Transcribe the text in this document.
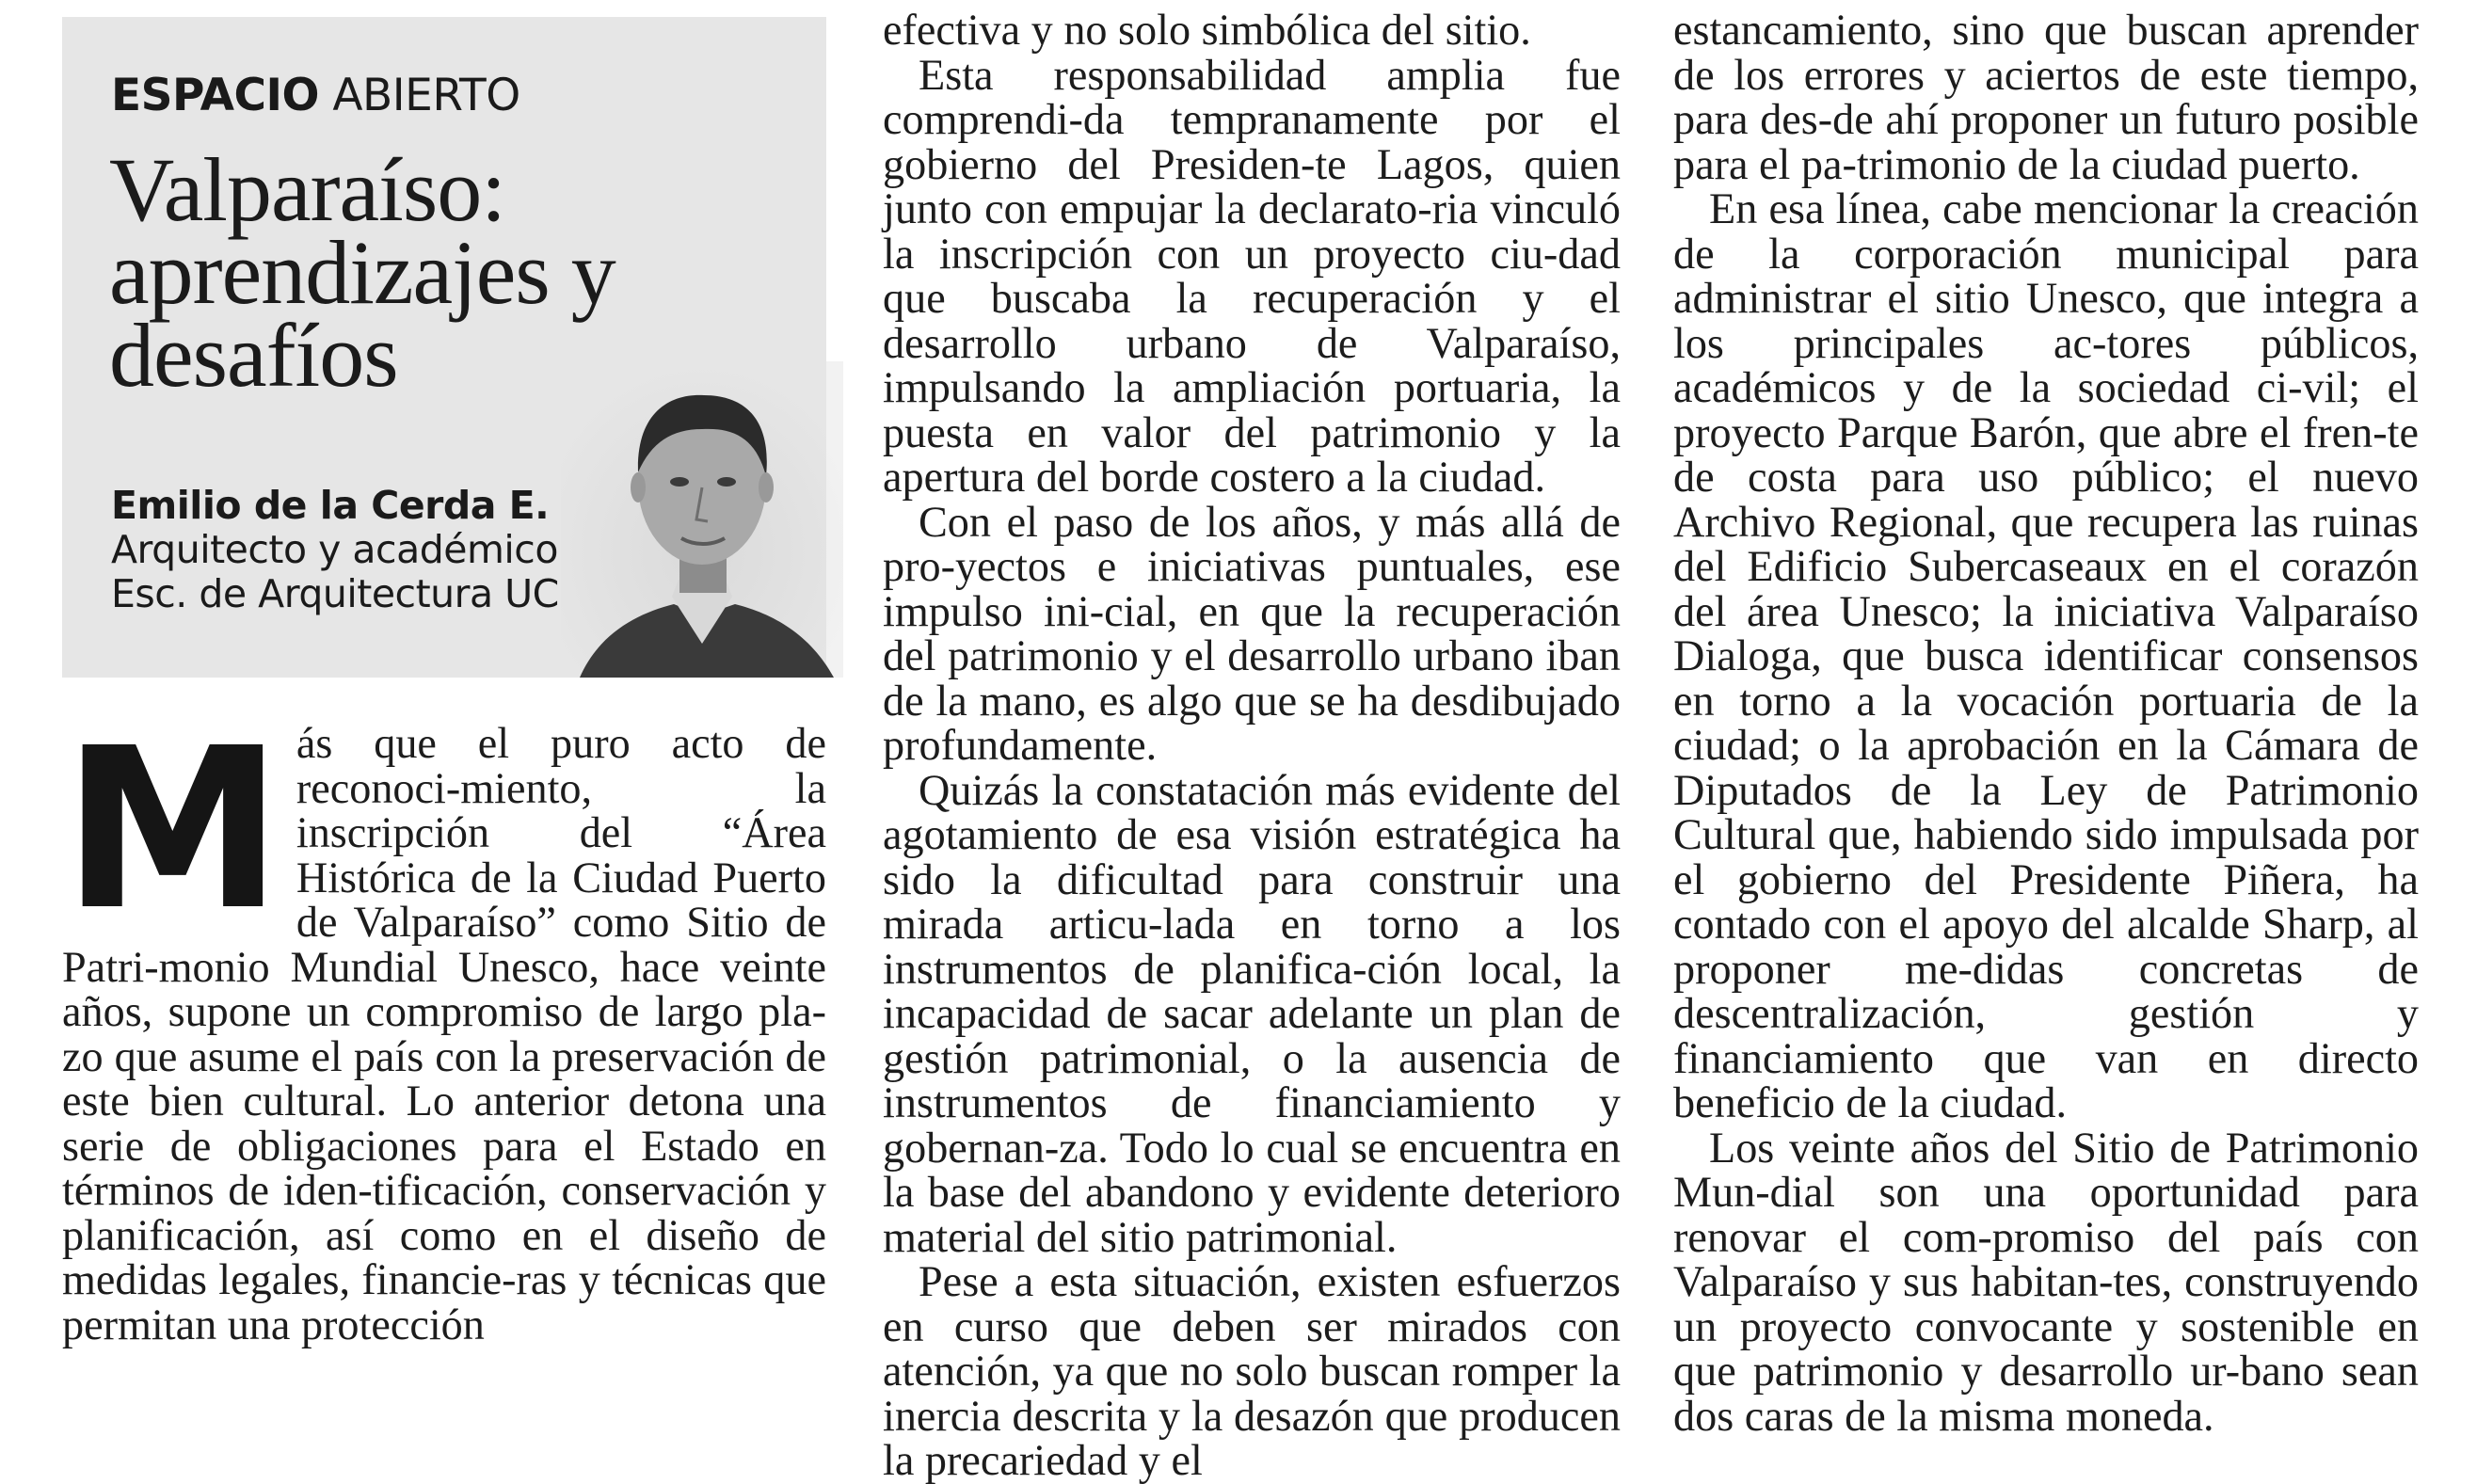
ESPACIO ABIERTO
Valparaíso:
aprendizajes y
desafíos
Emilio de la Cerda E.
Arquitecto y académico
Esc. de Arquitectura UC

Más que el puro acto de reconoci-miento, la inscripción del “Área Histórica de la Ciudad Puerto de Valparaíso” como Sitio de Patri-monio Mundial Unesco, hace veinte años, supone un compromiso de largo pla-zo que asume el país con la preservación de este bien cultural. Lo anterior detona una serie de obligaciones para el Estado en términos de iden-tificación, conservación y planificación, así como en el diseño de medidas legales, financie-ras y técnicas que permitan una protección

efectiva y no solo simbólica del sitio.

Esta responsabilidad amplia fue comprendi-da tempranamente por el gobierno del Presiden-te Lagos, quien junto con empujar la declarato-ria vinculó la inscripción con un proyecto ciu-dad que buscaba la recuperación y el desarrollo urbano de Valparaíso, impulsando la ampliación portuaria, la puesta en valor del patrimonio y la apertura del borde costero a la ciudad.

Con el paso de los años, y más allá de pro-yectos e iniciativas puntuales, ese impulso ini-cial, en que la recuperación del patrimonio y el desarrollo urbano iban de la mano, es algo que se ha desdibujado profundamente.

Quizás la constatación más evidente del agotamiento de esa visión estratégica ha sido la dificultad para construir una mirada articu-lada en torno a los instrumentos de planifica-ción local, la incapacidad de sacar adelante un plan de gestión patrimonial, o la ausencia de instrumentos de financiamiento y gobernan-za. Todo lo cual se encuentra en la base del abandono y evidente deterioro material del sitio patrimonial.

Pese a esta situación, existen esfuerzos en curso que deben ser mirados con atención, ya que no solo buscan romper la inercia descrita y la desazón que producen la precariedad y el

estancamiento, sino que buscan aprender de los errores y aciertos de este tiempo, para des-de ahí proponer un futuro posible para el pa-trimonio de la ciudad puerto.

En esa línea, cabe mencionar la creación de la corporación municipal para administrar el sitio Unesco, que integra a los principales ac-tores públicos, académicos y de la sociedad ci-vil; el proyecto Parque Barón, que abre el fren-te de costa para uso público; el nuevo Archivo Regional, que recupera las ruinas del Edificio Subercaseaux en el corazón del área Unesco; la iniciativa Valparaíso Dialoga, que busca identificar consensos en torno a la vocación portuaria de la ciudad; o la aprobación en la Cámara de Diputados de la Ley de Patrimonio Cultural que, habiendo sido impulsada por el gobierno del Presidente Piñera, ha contado con el apoyo del alcalde Sharp, al proponer me-didas concretas de descentralización, gestión y financiamiento que van en directo beneficio de la ciudad.

Los veinte años del Sitio de Patrimonio Mun-dial son una oportunidad para renovar el com-promiso del país con Valparaíso y sus habitan-tes, construyendo un proyecto convocante y sostenible en que patrimonio y desarrollo ur-bano sean dos caras de la misma moneda.
